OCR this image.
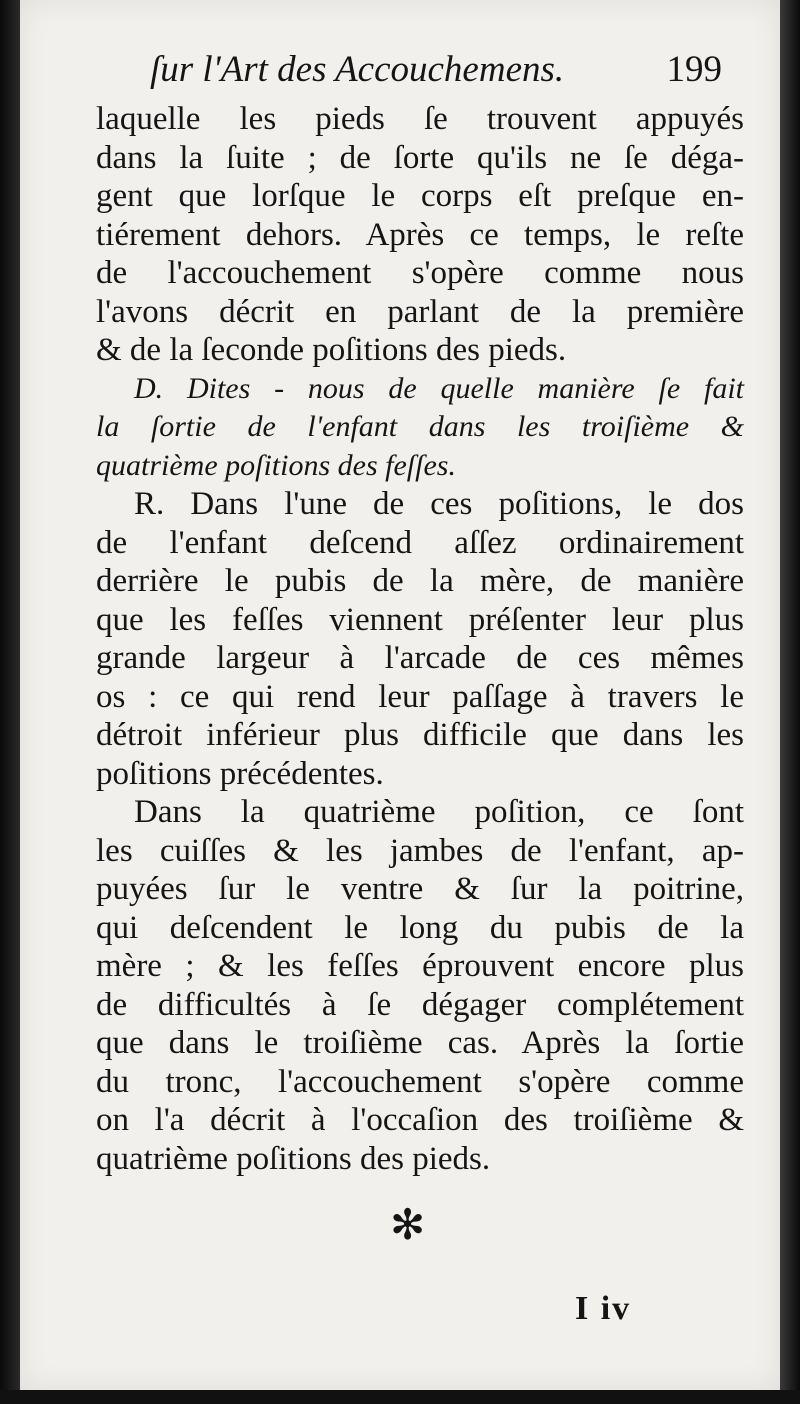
ſur l'Art des Accouchemens.	199
laquelle les pieds ſe trouvent appuyés
dans la ſuite ; de ſorte qu'ils ne ſe déga-
gent que lorſque le corps eſt preſque en-
tiérement dehors. Après ce temps, le reſte
de l'accouchement s'opère comme nous
l'avons décrit en parlant de la première
& de la ſeconde poſitions des pieds.
D. Dites - nous de quelle manière ſe fait
la ſortie de l'enfant dans les troiſième &
quatrième poſitions des feſſes.
R. Dans l'une de ces poſitions, le dos
de l'enfant deſcend aſſez ordinairement
derrière le pubis de la mère, de manière
que les feſſes viennent préſenter leur plus
grande largeur à l'arcade de ces mêmes
os : ce qui rend leur paſſage à travers le
détroit inférieur plus difficile que dans les
poſitions précédentes.
Dans la quatrième poſition, ce ſont
les cuiſſes & les jambes de l'enfant, ap-
puyées ſur le ventre & ſur la poitrine,
qui deſcendent le long du pubis de la
mère ; & les feſſes éprouvent encore plus
de difficultés à ſe dégager complétement
que dans le troiſième cas. Après la ſortie
du tronc, l'accouchement s'opère comme
on l'a décrit à l'occaſion des troiſième &
quatrième poſitions des pieds.
✻
I iv
